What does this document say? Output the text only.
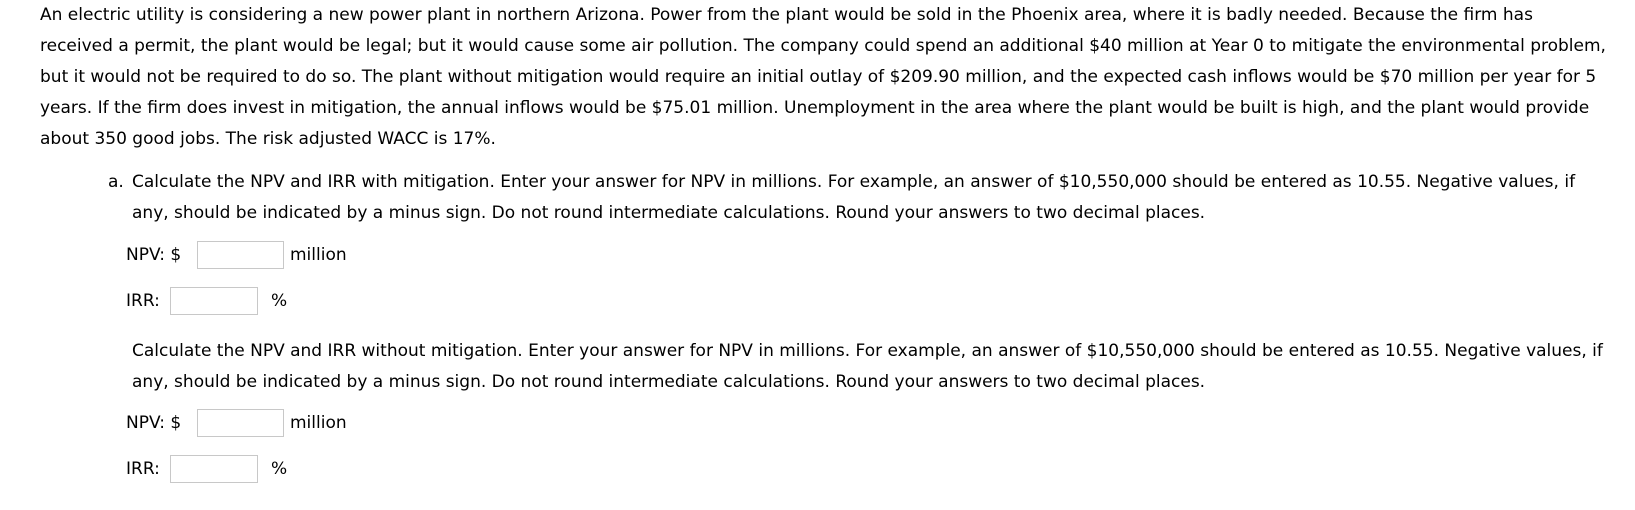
An electric utility is considering a new power plant in northern Arizona. Power from the plant would be sold in the Phoenix area, where it is badly needed. Because the firm has received a permit, the plant would be legal; but it would cause some air pollution. The company could spend an additional $40 million at Year 0 to mitigate the environmental problem, but it would not be required to do so. The plant without mitigation would require an initial outlay of $209.90 million, and the expected cash inflows would be $70 million per year for 5 years. If the firm does invest in mitigation, the annual inflows would be $75.01 million. Unemployment in the area where the plant would be built is high, and the plant would provide about 350 good jobs. The risk adjusted WACC is 17%.

a. Calculate the NPV and IRR with mitigation. Enter your answer for NPV in millions. For example, an answer of $10,550,000 should be entered as 10.55. Negative values, if any, should be indicated by a minus sign. Do not round intermediate calculations. Round your answers to two decimal places.

NPV: $	million
IRR:	%

Calculate the NPV and IRR without mitigation. Enter your answer for NPV in millions. For example, an answer of $10,550,000 should be entered as 10.55. Negative values, if any, should be indicated by a minus sign. Do not round intermediate calculations. Round your answers to two decimal places.

NPV: $	million
IRR:	%
